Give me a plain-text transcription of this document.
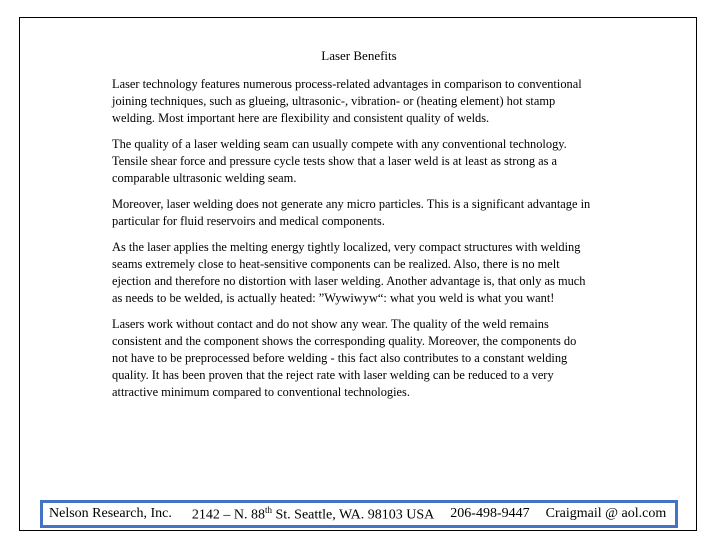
Laser Benefits

Laser technology features numerous process-related advantages in comparison to conventional joining techniques, such as glueing, ultrasonic-, vibration- or (heating element) hot stamp welding. Most important here are flexibility and consistent quality of welds.

The quality of a laser welding seam can usually compete with any conventional technology. Tensile shear force and pressure cycle tests show that a laser weld is at least as strong as a comparable ultrasonic welding seam.

Moreover, laser welding does not generate any micro particles. This is a significant advantage in particular for fluid reservoirs and medical components.

As the laser applies the melting energy tightly localized, very compact structures with welding seams extremely close to heat-sensitive components can be realized. Also, there is no melt ejection and therefore no distortion with laser welding. Another advantage is, that only as much as needs to be welded, is actually heated: ”Wywiwyw“: what you weld is what you want!

Lasers work without contact and do not show any wear. The quality of the weld remains consistent and the component shows the corresponding quality. Moreover, the components do not have to be preprocessed before welding - this fact also contributes to a constant welding quality. It has been proven that the reject rate with laser welding can be reduced to a very attractive minimum compared to conventional technologies.

Nelson Research, Inc. 2142 – N. 88th St. Seattle, WA. 98103 USA 206-498-9447 Craigmail @ aol.com
